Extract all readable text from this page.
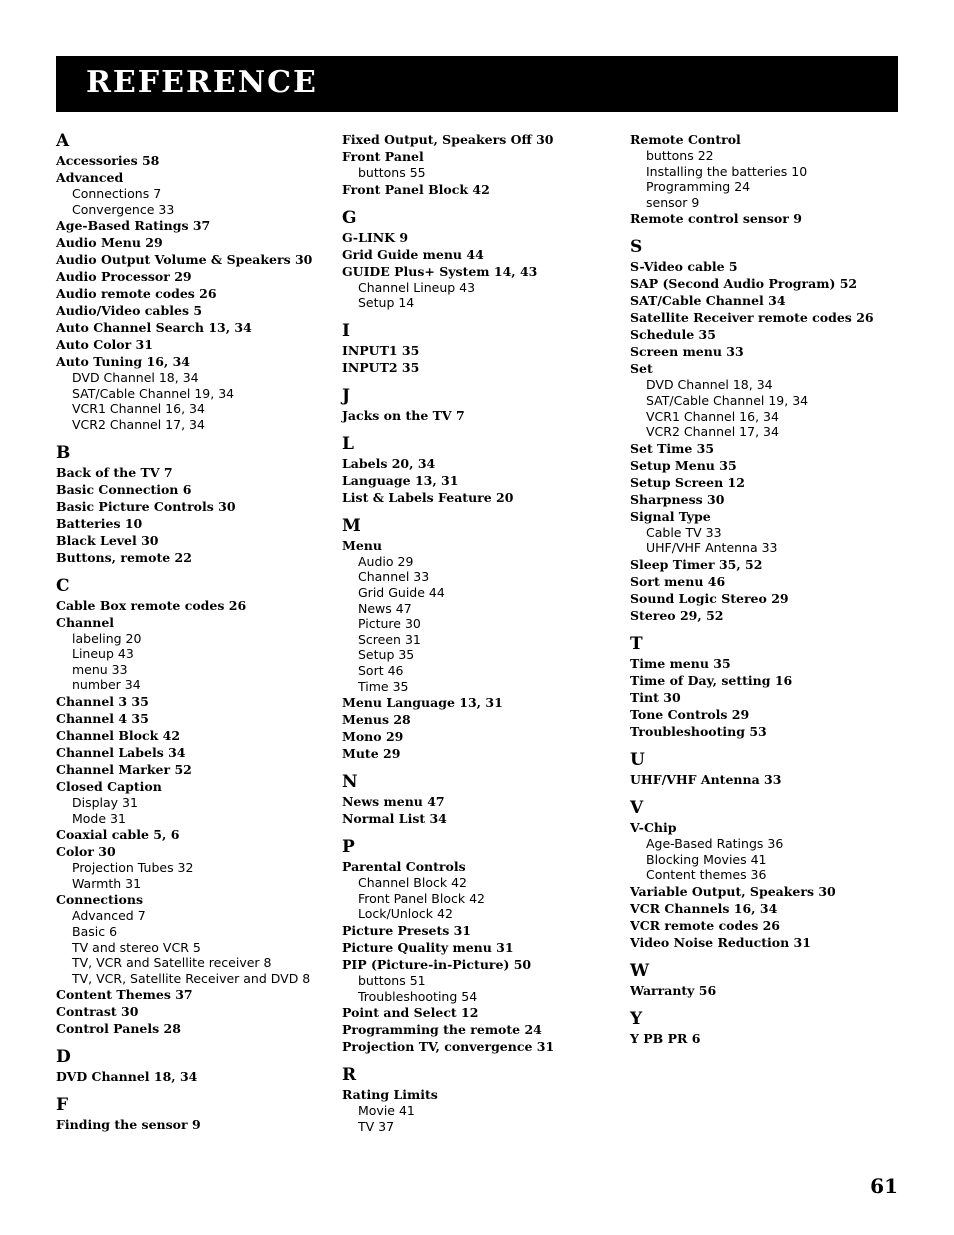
REFERENCE
A
Accessories 58
Advanced
Connections 7
Convergence 33
Age-Based Ratings 37
Audio Menu 29
Audio Output Volume & Speakers 30
Audio Processor 29
Audio remote codes 26
Audio/Video cables 5
Auto Channel Search 13, 34
Auto Color 31
Auto Tuning 16, 34
DVD Channel 18, 34
SAT/Cable Channel 19, 34
VCR1 Channel 16, 34
VCR2 Channel 17, 34
B
Back of the TV 7
Basic Connection 6
Basic Picture Controls 30
Batteries 10
Black Level 30
Buttons, remote 22
C
Cable Box remote codes 26
Channel
labeling 20
Lineup 43
menu 33
number 34
Channel 3 35
Channel 4 35
Channel Block 42
Channel Labels 34
Channel Marker 52
Closed Caption
Display 31
Mode 31
Coaxial cable 5, 6
Color 30
Projection Tubes 32
Warmth 31
Connections
Advanced 7
Basic 6
TV and stereo VCR 5
TV, VCR and Satellite receiver 8
TV, VCR, Satellite Receiver and DVD 8
Content Themes 37
Contrast 30
Control Panels 28
D
DVD Channel 18, 34
F
Finding the sensor 9
Fixed Output, Speakers Off 30
Front Panel
buttons 55
Front Panel Block 42
G
G-LINK 9
Grid Guide menu 44
GUIDE Plus+ System 14, 43
Channel Lineup 43
Setup 14
I
INPUT1 35
INPUT2 35
J
Jacks on the TV 7
L
Labels 20, 34
Language 13, 31
List & Labels Feature 20
M
Menu
Audio 29
Channel 33
Grid Guide 44
News 47
Picture 30
Screen 31
Setup 35
Sort 46
Time 35
Menu Language 13, 31
Menus 28
Mono 29
Mute 29
N
News menu 47
Normal List 34
P
Parental Controls
Channel Block 42
Front Panel Block 42
Lock/Unlock 42
Picture Presets 31
Picture Quality menu 31
PIP (Picture-in-Picture) 50
buttons 51
Troubleshooting 54
Point and Select 12
Programming the remote 24
Projection TV, convergence 31
R
Rating Limits
Movie 41
TV 37
Remote Control
buttons 22
Installing the batteries 10
Programming 24
sensor 9
Remote control sensor 9
S
S-Video cable 5
SAP (Second Audio Program) 52
SAT/Cable Channel 34
Satellite Receiver remote codes 26
Schedule 35
Screen menu 33
Set
DVD Channel 18, 34
SAT/Cable Channel 19, 34
VCR1 Channel 16, 34
VCR2 Channel 17, 34
Set Time 35
Setup Menu 35
Setup Screen 12
Sharpness 30
Signal Type
Cable TV 33
UHF/VHF Antenna 33
Sleep Timer 35, 52
Sort menu 46
Sound Logic Stereo 29
Stereo 29, 52
T
Time menu 35
Time of Day, setting 16
Tint 30
Tone Controls 29
Troubleshooting 53
U
UHF/VHF Antenna 33
V
V-Chip
Age-Based Ratings 36
Blocking Movies 41
Content themes 36
Variable Output, Speakers 30
VCR Channels 16, 34
VCR remote codes 26
Video Noise Reduction 31
W
Warranty 56
Y
Y PB PR 6
61
